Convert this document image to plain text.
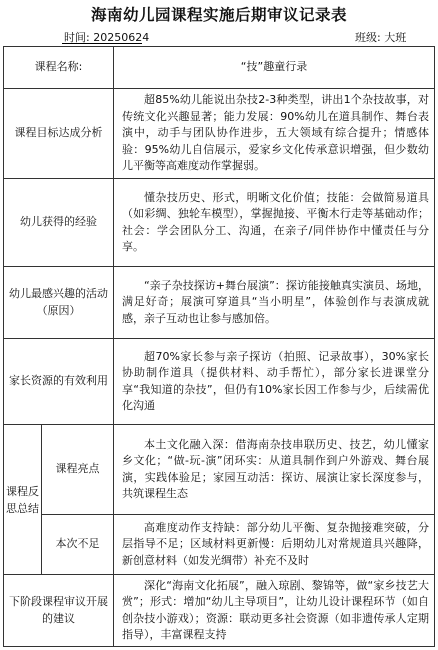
海南幼儿园课程实施后期审议记录表
时间: 20250624	班级: 大班
课程名称:		“技”趣童行录
课程目标达成分析		超85%幼儿能说出杂技2-3种类型，讲出1个杂技故事，对传统文化兴趣显著；能力发展：90%幼儿在道具制作、舞台表演中，动手与团队协作进步，五大领域有综合提升；情感体验：95%幼儿自信展示，爱家乡文化传承意识增强，但少数幼儿平衡等高难度动作掌握弱。
幼儿获得的经验		懂杂技历史、形式，明晰文化价值；技能：会做简易道具（如彩绸、独轮车模型），掌握抛接、平衡木行走等基础动作；社会：学会团队分工、沟通，在亲子/同伴协作中懂责任与分享。
幼儿最感兴趣的活动（原因）		“亲子杂技探访+舞台展演”：探访能接触真实演员、场地，满足好奇；展演可穿道具“当小明星”，体验创作与表演成就感，亲子互动也让参与感加倍。
家长资源的有效利用		超70%家长参与亲子探访（拍照、记录故事），30%家长协助制作道具（提供材料、动手帮忙），部分家长进课堂分享“我知道的杂技”，但仍有10%家长因工作参与少，后续需优化沟通
课程反思总结	课程亮点	本土文化融入深：借海南杂技串联历史、技艺，幼儿懂家乡文化；“做-玩-演”闭环实：从道具制作到户外游戏、舞台展演，实践体验足；家园互动活：探访、展演让家长深度参与，共筑课程生态
	本次不足	高难度动作支持缺：部分幼儿平衡、复杂抛接难突破，分层指导不足；区域材料更新慢：后期幼儿对常规道具兴趣降，新创意材料（如发光绸带）补充不及时
下阶段课程审议开展的建议		深化“海南文化拓展”，融入琼剧、黎锦等，做“家乡技艺大赏”；形式：增加“幼儿主导项目”，让幼儿设计课程环节（如自创杂技小游戏）；资源：联动更多社会资源（如非遗传承人定期指导），丰富课程支持
